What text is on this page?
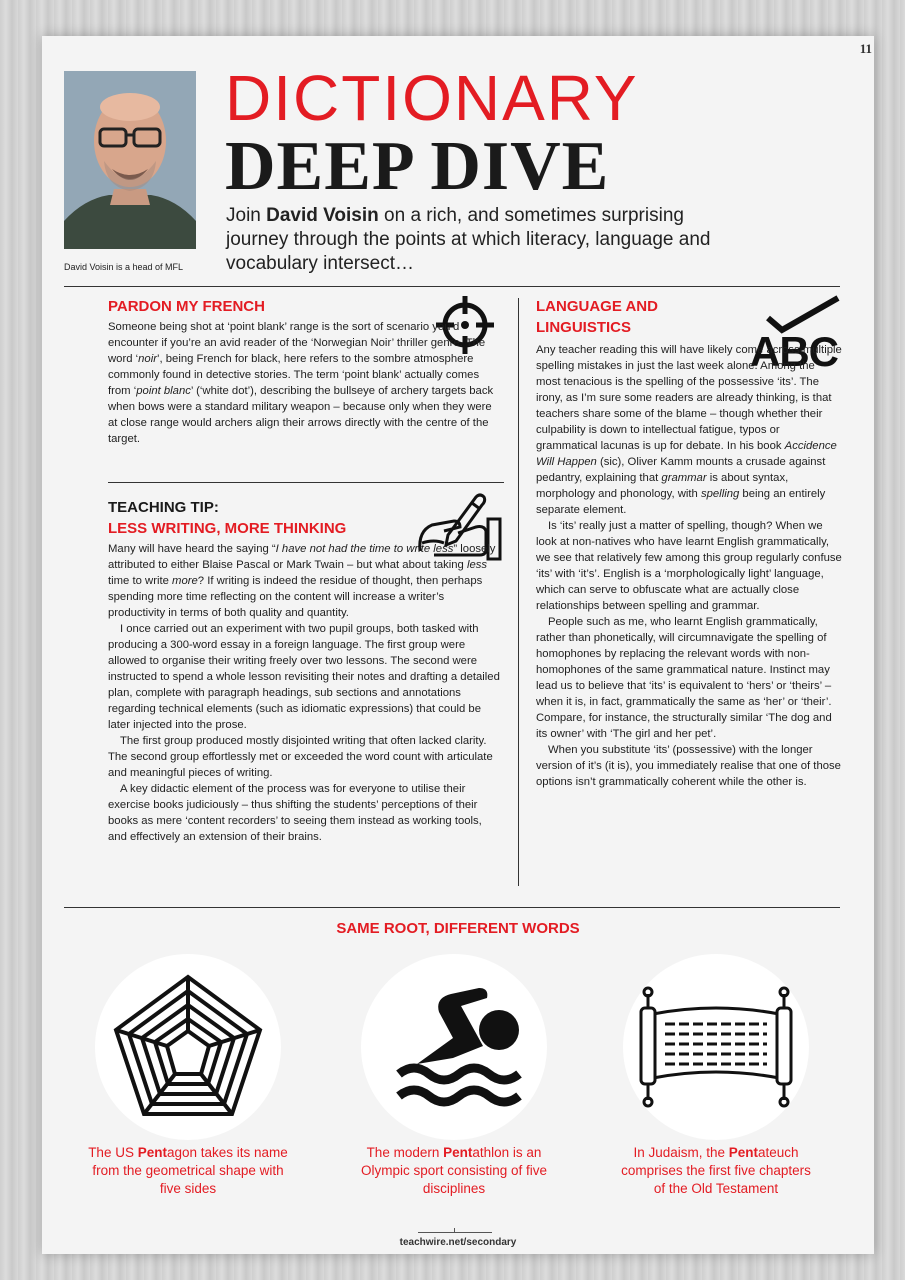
11
David Voisin is a head of MFL
DICTIONARY
DEEP DIVE
Join David Voisin on a rich, and sometimes surprising journey through the points at which literacy, language and vocabulary intersect…
PARDON MY FRENCH

Someone being shot at ‘point blank’ range is the sort of scenario you’d encounter if you’re an avid reader of the ‘Norwegian Noir’ thriller genre. The word ‘noir’, being French for black, here refers to the sombre atmosphere commonly found in detective stories. The term ‘point blank’ actually comes from ‘point blanc’ (‘white dot’), describing the bullseye of archery targets back when bows were a standard military weapon – because only when they were at close range would archers align their arrows directly with the centre of the target.

TEACHING TIP:
LESS WRITING, MORE THINKING

Many will have heard the saying “I have not had the time to write less” loosely attributed to either Blaise Pascal or Mark Twain – but what about taking less time to write more? If writing is indeed the residue of thought, then perhaps spending more time reflecting on the content will increase a writer’s productivity in terms of both quality and quantity.

I once carried out an experiment with two pupil groups, both tasked with producing a 300-word essay in a foreign language. The first group were allowed to organise their writing freely over two lessons. The second were instructed to spend a whole lesson revisiting their notes and drafting a detailed plan, complete with paragraph headings, sub sections and annotations regarding technical elements (such as idiomatic expressions) that could be later injected into the prose.

The first group produced mostly disjointed writing that often lacked clarity. The second group effortlessly met or exceeded the word count with articulate and meaningful pieces of writing.

A key didactic element of the process was for everyone to utilise their exercise books judiciously – thus shifting the students’ perceptions of their books as mere ‘content recorders’ to seeing them instead as working tools, and effectively an extension of their brains.

LANGUAGE AND
LINGUISTICS
ABC

Any teacher reading this will have likely come across multiple spelling mistakes in just the last week alone. Among the most tenacious is the spelling of the possessive ‘its’. The irony, as I’m sure some readers are already thinking, is that teachers share some of the blame – though whether their culpability is down to intellectual fatigue, typos or grammatical lacunas is up for debate. In his book Accidence Will Happen (sic), Oliver Kamm mounts a crusade against pedantry, explaining that grammar is about syntax, morphology and phonology, with spelling being an entirely separate element.

Is ‘its’ really just a matter of spelling, though? When we look at non-natives who have learnt English grammatically, we see that relatively few among this group regularly confuse ‘its’ with ‘it’s’. English is a ‘morphologically light’ language, which can serve to obfuscate what are actually close relationships between spelling and grammar.

People such as me, who learnt English grammatically, rather than phonetically, will circumnavigate the spelling of homophones by replacing the relevant words with non-homophones of the same grammatical nature. Instinct may lead us to believe that ‘its’ is equivalent to ‘hers’ or ‘theirs’ – when it is, in fact, grammatically the same as ‘her’ or ‘their’. Compare, for instance, the structurally similar ‘The dog and its owner’ with ‘The girl and her pet’.

When you substitute ‘its’ (possessive) with the longer version of it’s (it is), you immediately realise that one of those options isn’t grammatically coherent while the other is.

SAME ROOT, DIFFERENT WORDS
The US Pentagon takes its name from the geometrical shape with five sides
The modern Pentathlon is an Olympic sport consisting of five disciplines
In Judaism, the Pentateuch comprises the first five chapters of the Old Testament
teachwire.net/secondary
